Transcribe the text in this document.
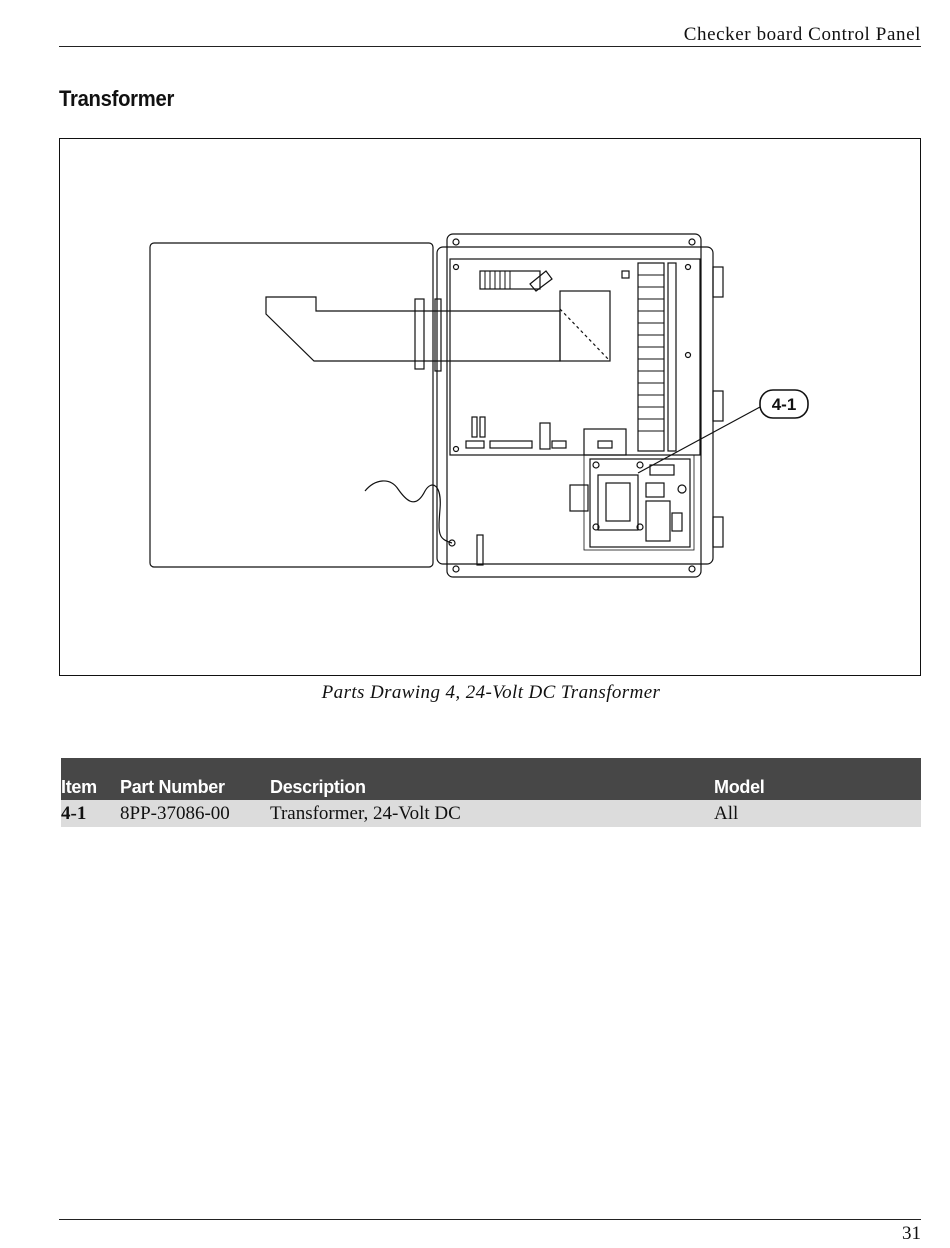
Checker board Control Panel
Transformer
4-1
Parts Drawing 4, 24-Volt DC Transformer
Item	Part Number	Description	Model
4-1	8PP-37086-00	Transformer, 24-Volt DC	All
31
